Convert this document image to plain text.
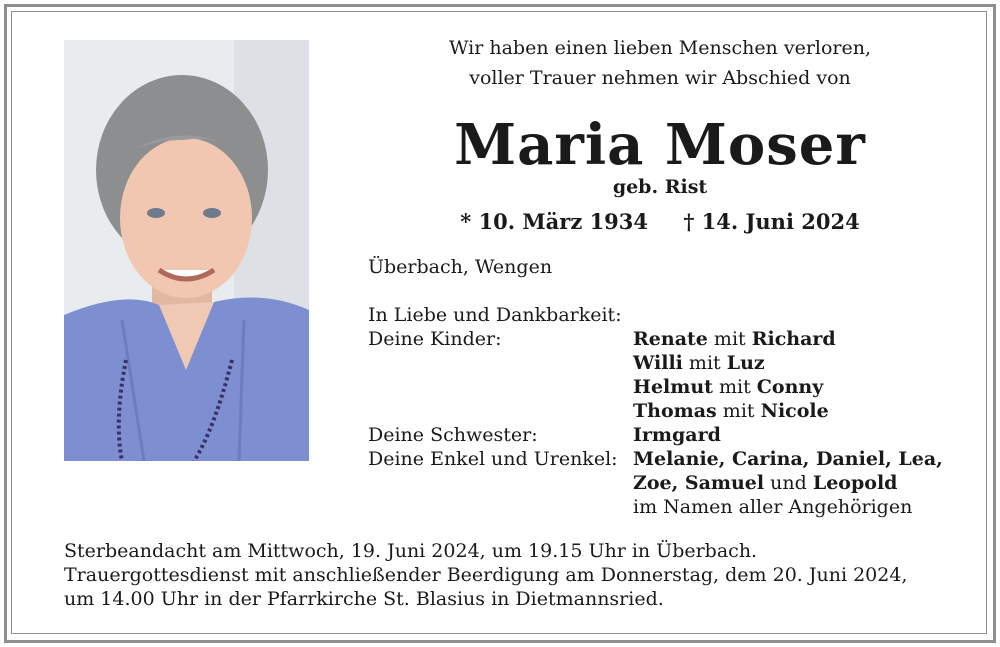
Wir haben einen lieben Menschen verloren,
voller Trauer nehmen wir Abschied von
Maria Moser
geb. Rist
* 10. März 1934 † 14. Juni 2024
Überbach, Wengen
In Liebe und Dankbarkeit:
Deine Kinder:	Renate mit Richard
Willi mit Luz
Helmut mit Conny
Thomas mit Nicole
Deine Schwester:	Irmgard
Deine Enkel und Urenkel: Melanie, Carina, Daniel, Lea,
Zoe, Samuel und Leopold
im Namen aller Angehörigen
Sterbeandacht am Mittwoch, 19. Juni 2024, um 19.15 Uhr in Überbach.
Trauergottesdienst mit anschließender Beerdigung am Donnerstag, dem 20. Juni 2024,
um 14.00 Uhr in der Pfarrkirche St. Blasius in Dietmannsried.
